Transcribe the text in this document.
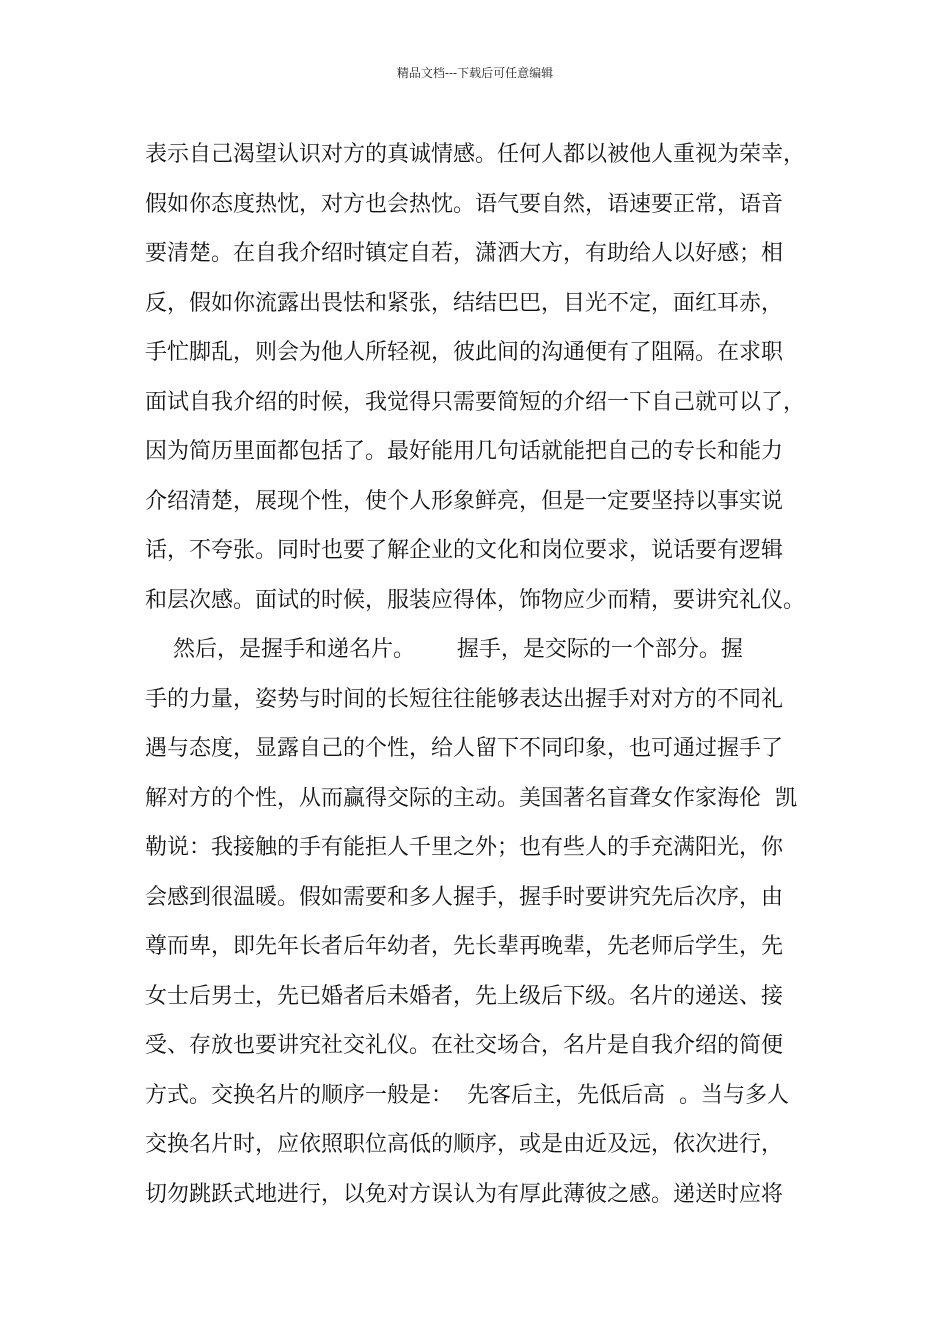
精品文档---下载后可任意编辑
表示自己渴望认识对方的真诚情感。任何人都以被他人重视为荣幸，
假如你态度热忱，对方也会热忱。语气要自然，语速要正常，语音
要清楚。在自我介绍时镇定自若，潇洒大方，有助给人以好感；相
反，假如你流露出畏怯和紧张，结结巴巴，目光不定，面红耳赤，
手忙脚乱，则会为他人所轻视，彼此间的沟通便有了阻隔。在求职
面试自我介绍的时候，我觉得只需要简短的介绍一下自己就可以了，
因为简历里面都包括了。最好能用几句话就能把自己的专长和能力
介绍清楚，展现个性，使个人形象鲜亮，但是一定要坚持以事实说
话，不夸张。同时也要了解企业的文化和岗位要求，说话要有逻辑
和层次感。面试的时候，服装应得体，饰物应少而精，要讲究礼仪。
然后，是握手和递名片。      握手，是交际的一个部分。握
手的力量，姿势与时间的长短往往能够表达出握手对对方的不同礼
遇与态度，显露自己的个性，给人留下不同印象，也可通过握手了
解对方的个性，从而赢得交际的主动。美国著名盲聋女作家海伦  凯
勒说：我接触的手有能拒人千里之外；也有些人的手充满阳光，你
会感到很温暖。假如需要和多人握手，握手时要讲究先后次序，由
尊而卑，即先年长者后年幼者，先长辈再晚辈，先老师后学生，先
女士后男士，先已婚者后未婚者，先上级后下级。名片的递送、接
受、存放也要讲究社交礼仪。在社交场合，名片是自我介绍的简便
方式。交换名片的顺序一般是：  先客后主，先低后高  。当与多人
交换名片时，应依照职位高低的顺序，或是由近及远，依次进行，
切勿跳跃式地进行，以免对方误认为有厚此薄彼之感。递送时应将
